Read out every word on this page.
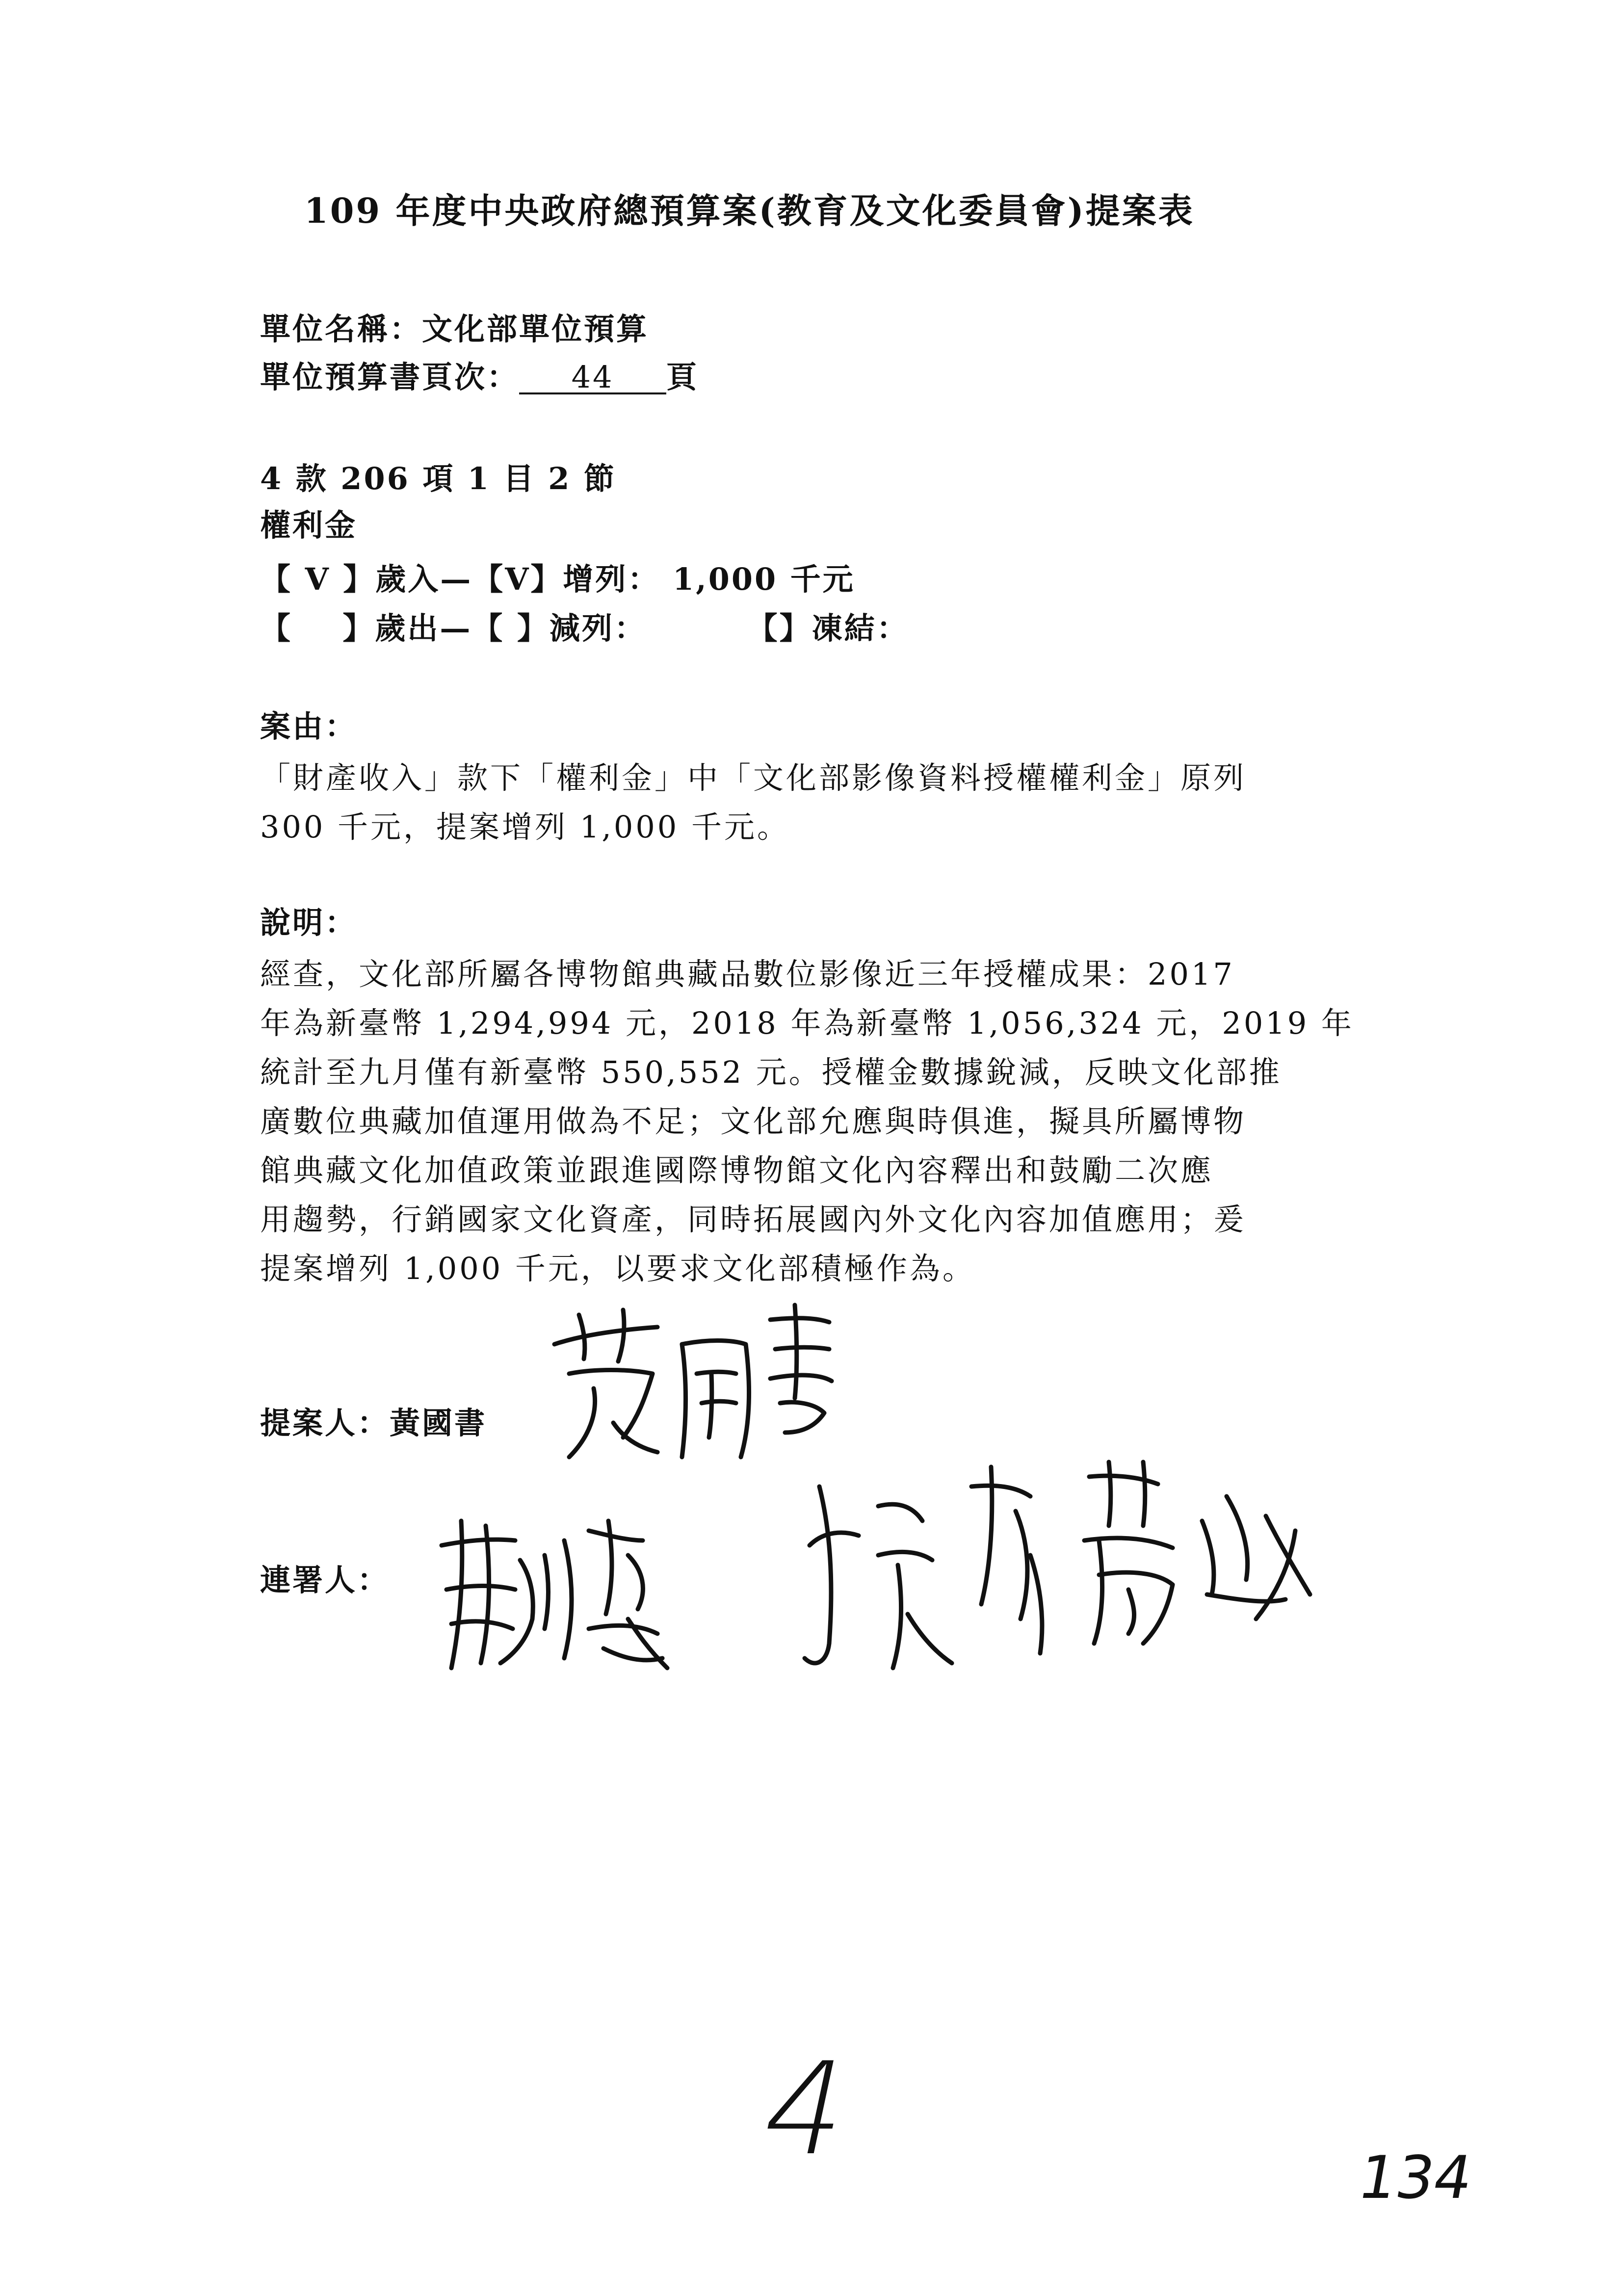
109 年度中央政府總預算案(教育及文化委員會)提案表
單位名稱：文化部單位預算
單位預算書頁次： 44 頁
4 款 206 項 1 目 2 節
權利金
【 V 】歲入—【V】增列： 1,000 千元
【    】歲出—【 】減列：        【】凍結：
案由：
「財產收入」款下「權利金」中「文化部影像資料授權權利金」原列
300 千元，提案增列 1,000 千元。
說明：
經查，文化部所屬各博物館典藏品數位影像近三年授權成果：2017
年為新臺幣 1,294,994 元，2018 年為新臺幣 1,056,324 元，2019 年
統計至九月僅有新臺幣 550,552 元。授權金數據銳減，反映文化部推
廣數位典藏加值運用做為不足；文化部允應與時俱進，擬具所屬博物
館典藏文化加值政策並跟進國際博物館文化內容釋出和鼓勵二次應
用趨勢，行銷國家文化資產，同時拓展國內外文化內容加值應用；爰
提案增列 1,000 千元，以要求文化部積極作為。
提案人：黃國書
連署人：
4	134
